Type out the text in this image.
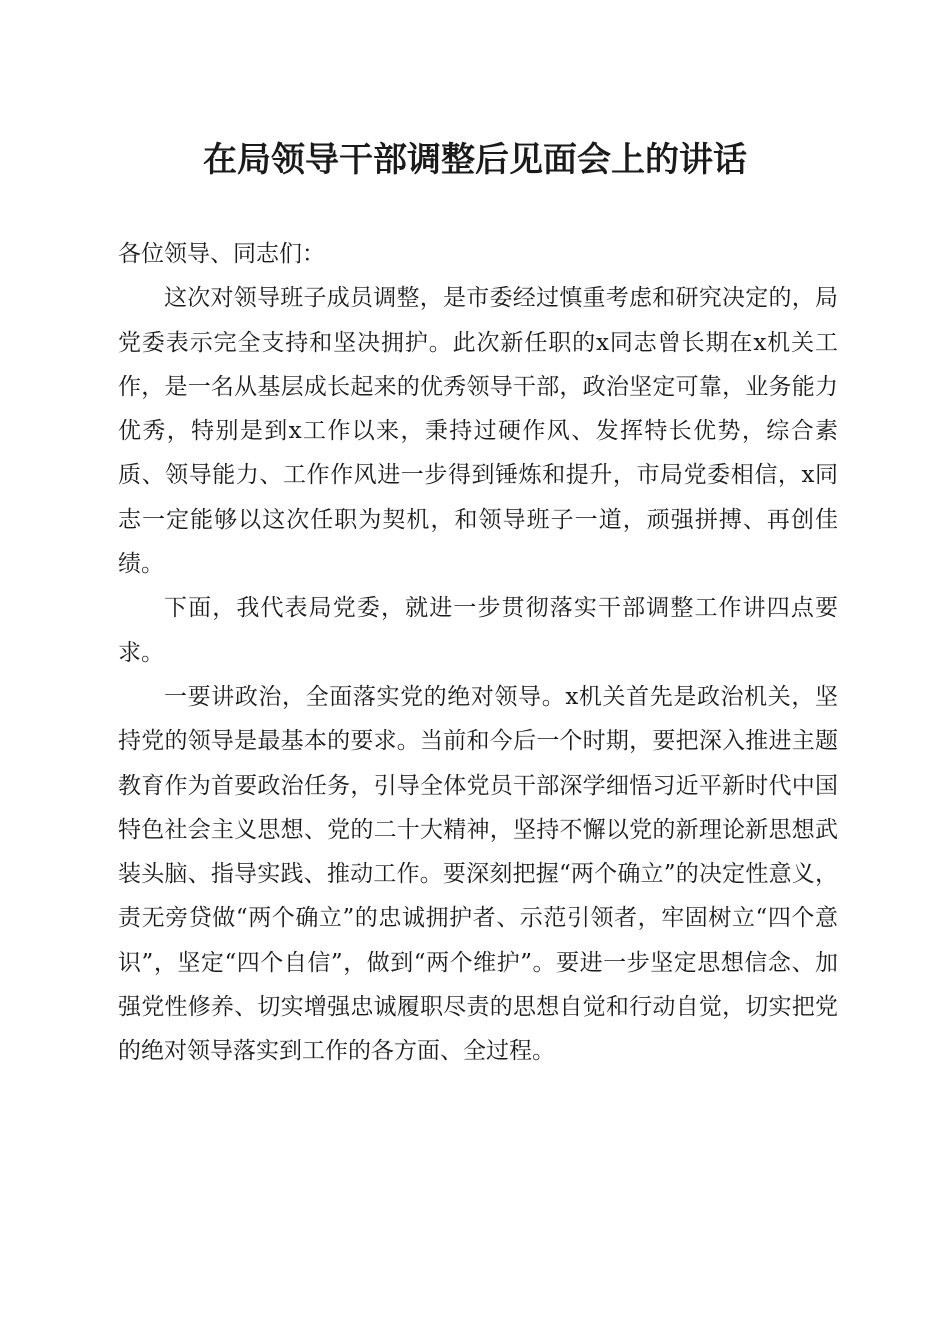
在局领导干部调整后见面会上的讲话

各位领导、同志们：

这次对领导班子成员调整，是市委经过慎重考虑和研究决定的，局党委表示完全支持和坚决拥护。此次新任职的x同志曾长期在x机关工作，是一名从基层成长起来的优秀领导干部，政治坚定可靠，业务能力优秀，特别是到x工作以来，秉持过硬作风、发挥特长优势，综合素质、领导能力、工作作风进一步得到锤炼和提升，市局党委相信，x同志一定能够以这次任职为契机，和领导班子一道，顽强拼搏、再创佳绩。

下面，我代表局党委，就进一步贯彻落实干部调整工作讲四点要求。

一要讲政治，全面落实党的绝对领导。x机关首先是政治机关，坚持党的领导是最基本的要求。当前和今后一个时期，要把深入推进主题教育作为首要政治任务，引导全体党员干部深学细悟习近平新时代中国特色社会主义思想、党的二十大精神，坚持不懈以党的新理论新思想武装头脑、指导实践、推动工作。要深刻把握“两个确立”的决定性意义，责无旁贷做“两个确立”的忠诚拥护者、示范引领者，牢固树立“四个意识”，坚定“四个自信”，做到“两个维护”。要进一步坚定思想信念、加强党性修养、切实增强忠诚履职尽责的思想自觉和行动自觉，切实把党的绝对领导落实到工作的各方面、全过程。
